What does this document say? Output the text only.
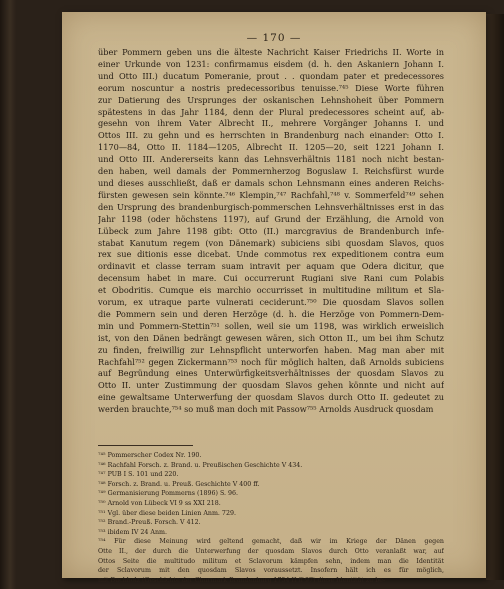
— 170 —
über Pommern geben uns die älteste Nachricht Kaiser Friedrichs II. Worte in
einer Urkunde von 1231: confirmamus eisdem (d. h. den Askaniern Johann I.
und Otto III.) ducatum Pomeranie, prout . . quondam pater et predecessores
eorum noscuntur a nostris predecessoribus tenuisse.⁷⁴⁵ Diese Worte führen
zur Datierung des Ursprunges der oskanischen Lehnshoheit über Pommern
spätestens in das Jahr 1184, denn der Plural predecessores scheint auf, ab-
gesehn von ihrem Vater Albrecht II., mehrere Vorgänger Johanns I. und
Ottos III. zu gehn und es herrschten in Brandenburg nach einander: Otto I.
1170—84, Otto II. 1184—1205, Albrecht II. 1205—20, seit 1221 Johann I.
und Otto III. Andererseits kann das Lehnsverhältnis 1181 noch nicht bestan-
den haben, weil damals der Pommernherzog Boguslaw I. Reichsfürst wurde
und dieses ausschließt, daß er damals schon Lehnsmann eines anderen Reichs-
fürsten gewesen sein könnte.⁷⁴⁶ Klempin,⁷⁴⁷ Rachfahl,⁷⁴⁸ v. Sommerfeld⁷⁴⁹ sehen
den Ursprung des brandenburgisch-pommerschen Lehnsverhältnisses erst in das
Jahr 1198 (oder höchstens 1197), auf Grund der Erzählung, die Arnold von
Lübeck zum Jahre 1198 gibt: Otto (II.) marcgravius de Brandenburch infe-
stabat Kanutum regem (von Dänemark) subiciens sibi quosdam Slavos, quos
rex sue ditionis esse dicebat. Unde commotus rex expeditionem contra eum
ordinavit et classe terram suam intravit per aquam que Odera dicitur, que
decensum habet in mare. Cui occurrerunt Rugiani sive Rani cum Polabis
et Obodritis. Cumque eis marchio occurrisset in multitudine militum et Sla-
vorum, ex utraque parte vulnerati ceciderunt.⁷⁵⁰ Die quosdam Slavos sollen
die Pommern sein und deren Herzöge (d. h. die Herzöge von Pommern-Dem-
min und Pommern-Stettin⁷⁵¹ sollen, weil sie um 1198, was wirklich erweislich
ist, von den Dänen bedrängt gewesen wären, sich Otton II., um bei ihm Schutz
zu finden, freiwillig zur Lehnspflicht unterworfen haben. Mag man aber mit
Rachfahl⁷⁵² gegen Zickermann⁷⁵³ noch für möglich halten, daß Arnolds subiciens
auf Begründung eines Unterwürfigkeitsverhältnisses der quosdam Slavos zu
Otto II. unter Zustimmung der quosdam Slavos gehen könnte und nicht auf
eine gewaltsame Unterwerfung der quosdam Slavos durch Otto II. gedeutet zu
werden brauchte,⁷⁵⁴ so muß man doch mit Passow⁷⁵⁵ Arnolds Ausdruck quosdam
⁷⁴⁵ Pommerscher Codex Nr. 190.
⁷⁴⁶ Rachfahl Forsch. z. Brand. u. Preußischen Geschichte V 434.
⁷⁴⁷ PUB I S. 101 und 220.
⁷⁴⁸ Forsch. z. Brand. u. Preuß. Geschichte V 400 ff.
⁷⁴⁹ Germanisierung Pommerns (1896) S. 96.
⁷⁵⁰ Arnold von Lübeck VI 9 ss XXI 218.
⁷⁵¹ Vgl. über diese beiden Linien Anm. 729.
⁷⁵² Brand.-Preuß. Forsch. V 412.
⁷⁵³ ibidem IV 24 Anm.
⁷⁵⁴ Für diese Meinung wird geltend gemacht, daß wir im Kriege der Dänen gegen
Otte II., der durch die Unterwerfung der quosdam Slavos durch Otto veranlaßt war, auf
Ottos Seite die multitudo militum et Sclavorum kämpfen sehn, indem man die Identität
der Sclavorum mit den quosdam Slavos voraussetzt. Insofern hält ich es für möglich,
mit Buchholz (Geschichte der Churmark Brandenburg 1754 II ff 97) diese Identität zu be-
